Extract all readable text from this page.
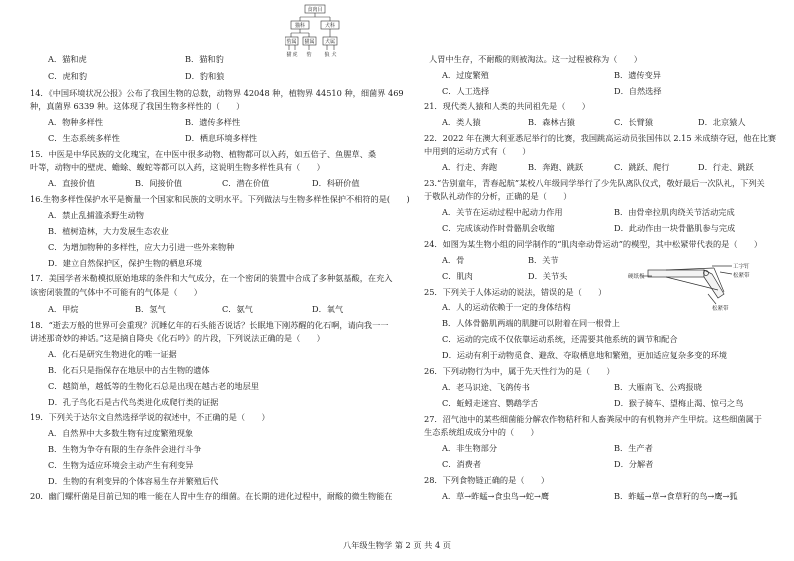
食肉目
猫科	犬科
豹属 猫属 犬属
猫 虎 豹	狼 犬
工字钉
硬纸板	松紧带
松紧带
A．猫和虎	B．猫和豹
C．虎和豹	D．豹和狼
14．《中国环境状况公报》公布了我国生物的总数，动物界 42048 种，植物界 44510 种，细菌界 469
种，真菌界 6339 种。这体现了我国生物多样性的（　　）
A．物种多样性	B．遗传多样性
C．生态系统多样性	D．栖息环境多样性
15．中医是中华民族的文化瑰宝，在中医中很多动物、植物都可以入药，如五倍子、鱼腥草、桑
叶等，动物中的壁虎、蟾蜍、蝮蛇等都可以入药，这说明生物多样性具有（　　）
A．直接价值	B．间接价值	C．潜在价值	D．科研价值
16.生物多样性保护水平是衡量一个国家和民族的文明水平。下列做法与生物多样性保护不相符的是(　　)
A．禁止乱捕滥杀野生动物
B．植树造林，大力发展生态农业
C．为增加物种的多样性，应大力引进一些外来物种
D．建立自然保护区，保护生物的栖息环境
17．美国学者米勒模拟原始地球的条件和大气成分，在一个密闭的装置中合成了多种氨基酸，在充入
该密闭装置的气体中不可能有的气体是（　　）
A．甲烷	B．氢气	C．氨气	D．氧气
18．“逝去万般的世界可会重现？沉睡亿年的石头能否说话？长眠地下刚苏醒的化石啊，请向我一一
讲述那奇妙的神话。”这是摘自降央《化石吟》的片段，下列说法正确的是（　　）
A．化石是研究生物进化的唯一证据
B．化石只是指保存在地层中的古生物的遗体
C．越简单，越低等的生物化石总是出现在越古老的地层里
D．孔子鸟化石是古代鸟类进化成爬行类的证据
19．下列关于达尔文自然选择学说的叙述中，不正确的是（　　）
A．自然界中大多数生物有过度繁殖现象
B．生物为争夺有限的生存条件会进行斗争
C．生物为适应环境会主动产生有利变异
D．生物的有利变异的个体容易生存并繁殖后代
20．幽门螺杆菌是目前已知的唯一能在人胃中生存的细菌。在长期的进化过程中，耐酸的微生物能在
人胃中生存，不耐酸的则被淘汰。这一过程被称为（　　）
A．过度繁殖	B．遗传变异
C．人工选择	D．自然选择
21．现代类人猿和人类的共同祖先是（　　）
A．类人猿	B．森林古猿	C．长臂猿	D．北京猿人
22．2022 年在澳大利亚悉尼举行的比赛，我国跳高运动员张国伟以 2.15 米成绩夺冠，他在比赛
中用到的运动方式有（　　）
A．行走、奔跑	B．奔跑、跳跃	C．跳跃、爬行	D．行走、跳跃
23.“告别童年，青春起航”某校八年级同学举行了少先队离队仪式，敬好最后一次队礼，下列关
于敬队礼动作的分析，正确的是（　　）
A．关节在运动过程中起动力作用	B．由骨牵拉肌肉绕关节活动完成
C．完成该动作时骨骼肌会收缩	D．此动作由一块骨骼肌参与完成
24．如图为某生物小组的同学制作的“肌肉牵动骨运动”的模型，其中松紧带代表的是（　　）
A．骨	B．关节
C．肌肉	D．关节头
25．下列关于人体运动的说法，错误的是（　　）
A．人的运动依赖于一定的身体结构
B．人体骨骼肌两端的肌腱可以附着在同一根骨上
C．运动的完成不仅依靠运动系统，还需要其他系统的调节和配合
D．运动有利于动物觅食、避敌、夺取栖息地和繁殖，更加适应复杂多变的环境
26．下列动物行为中，属于先天性行为的是（　　）
A．老马识途、飞鸽传书	B．大雁南飞、公鸡报晓
C．蚯蚓走迷宫、鹦鹉学舌	D．猴子骑车、望梅止渴、惊弓之鸟
27．沼气池中的某些细菌能分解农作物秸秆和人畜粪尿中的有机物并产生甲烷。这些细菌属于
生态系统组成成分中的（　　）
A．非生物部分	B．生产者
C．消费者	D．分解者
28．下列食物链正确的是（　　）
A．草→蚱蜢→食虫鸟→蛇→鹰	B．蚱蜢→草→食草籽的鸟→鹰→狐
八年级生物学 第 2 页 共 4 页
